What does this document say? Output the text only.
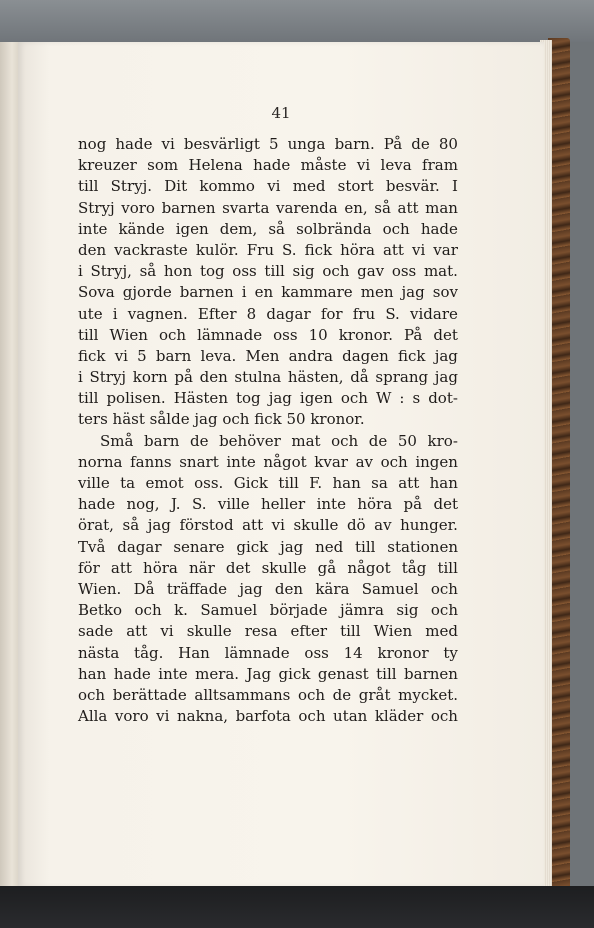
41
nog hade vi besvärligt 5 unga barn. På de 80
kreuzer som Helena hade måste vi leva fram
till Stryj. Dit kommo vi med stort besvär. I
Stryj voro barnen svarta varenda en, så att man
inte kände igen dem, så solbrända och hade
den vackraste kulör. Fru S. fick höra att vi var
i Stryj, så hon tog oss till sig och gav oss mat.
Sova gjorde barnen i en kammare men jag sov
ute i vagnen. Efter 8 dagar for fru S. vidare
till Wien och lämnade oss 10 kronor. På det
fick vi 5 barn leva. Men andra dagen fick jag
i Stryj korn på den stulna hästen, då sprang jag
till polisen. Hästen tog jag igen och W : s dot-
ters häst sålde jag och fick 50 kronor.
Små barn de behöver mat och de 50 kro-
norna fanns snart inte något kvar av och ingen
ville ta emot oss. Gick till F. han sa att han
hade nog, J. S. ville heller inte höra på det
örat, så jag förstod att vi skulle dö av hunger.
Två dagar senare gick jag ned till stationen
för att höra när det skulle gå något tåg till
Wien. Då träffade jag den kära Samuel och
Betko och k. Samuel började jämra sig och
sade att vi skulle resa efter till Wien med
nästa tåg. Han lämnade oss 14 kronor ty
han hade inte mera. Jag gick genast till barnen
och berättade alltsammans och de gråt mycket.
Alla voro vi nakna, barfota och utan kläder och
